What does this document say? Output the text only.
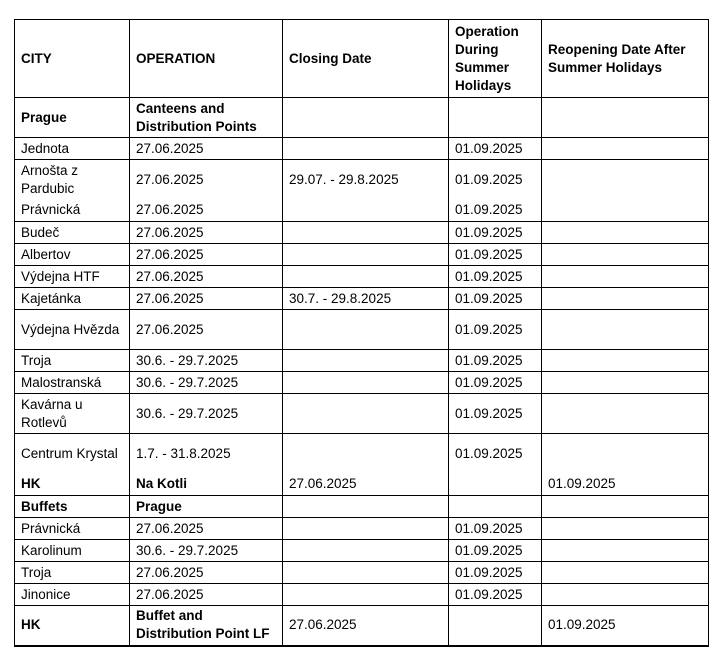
CITY	OPERATION	Closing Date	Operation During Summer Holidays	Reopening Date After Summer Holidays
Prague	Canteens and Distribution Points			
Jednota	27.06.2025		01.09.2025	
Arnošta z Pardubic	27.06.2025	29.07. - 29.8.2025	01.09.2025	
Právnická	27.06.2025		01.09.2025	
Budeč	27.06.2025		01.09.2025	
Albertov	27.06.2025		01.09.2025	
Výdejna HTF	27.06.2025		01.09.2025	
Kajetánka	27.06.2025	30.7. - 29.8.2025	01.09.2025	
Výdejna Hvězda	27.06.2025		01.09.2025	
Troja	30.6. - 29.7.2025		01.09.2025	
Malostranská	30.6. - 29.7.2025		01.09.2025	
Kavárna u Rotlevů	30.6. - 29.7.2025		01.09.2025	
Centrum Krystal	1.7. - 31.8.2025		01.09.2025	
HK	Na Kotli	27.06.2025		01.09.2025
Buffets	Prague			
Právnická	27.06.2025		01.09.2025	
Karolinum	30.6. - 29.7.2025		01.09.2025	
Troja	27.06.2025		01.09.2025	
Jinonice	27.06.2025		01.09.2025	
HK	Buffet and Distribution Point LF	27.06.2025		01.09.2025
